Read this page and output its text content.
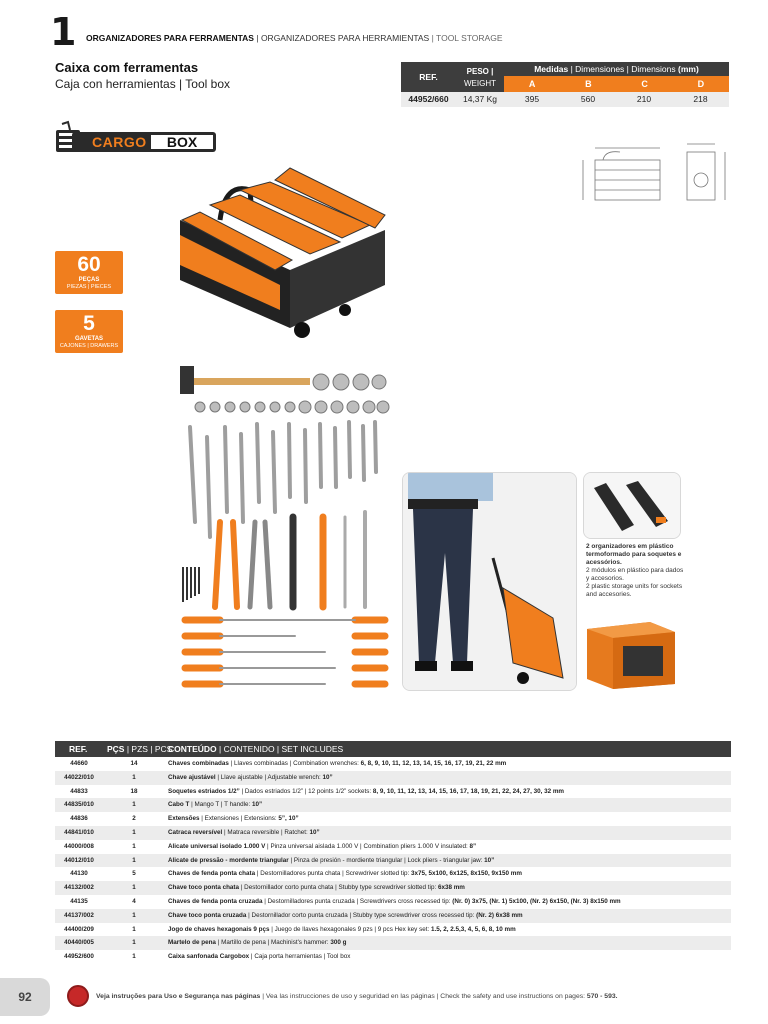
1 ORGANIZADORES PARA FERRAMENTAS | ORGANIZADORES PARA HERRAMIENTAS | TOOL STORAGE
Caixa com ferramentas
Caja con herramientas | Tool box	REF.
PESO |
WEIGHT
Medidas | Dimensiones | Dimensions (mm)
A	B	C	D
44952/660	14,37 Kg	395	560	210	218
CARGO	BOX
60
PEÇAS
PIEZAS | PIECES
5
GAVETAS
CAJONES | DRAWERS
2 organizadores em plástico termoformado para soquetes e acessórios.
2 módulos en plástico para dados y accesorios.
2 plastic storage units for sockets and accesories.
REF. PÇS | PZS | PCS
CONTEÚDO | CONTENIDO | SET INCLUDES
44660	14	Chaves combinadas | Llaves combinadas | Combination wrenches: 6, 8, 9, 10, 11, 12, 13, 14, 15, 16, 17, 19, 21, 22 mm
44022/010	1	Chave ajustável | Llave ajustable | Adjustable wrench: 10”
44833	18	Soquetes estriados 1/2” | Dados estriados 1/2” | 12 points 1/2” sockets: 8, 9, 10, 11, 12, 13, 14, 15, 16, 17, 18, 19, 21, 22, 24, 27, 30, 32 mm
44835/010	1	Cabo T | Mango T | T handle: 10”
44836	2	Extensões | Extensiones | Extensions: 5”, 10”
44841/010	1	Catraca reversível | Matraca reversible | Ratchet: 10”
44000/008	1	Alicate universal isolado 1.000 V | Pinza universal aislada 1.000 V | Combination pliers 1.000 V insulated: 8”
44012/010	1	Alicate de pressão - mordente triangular | Pinza de presión - mordiente triangular | Lock pliers - triangular jaw: 10”
44130	5	Chaves de fenda ponta chata | Destornilladores punta chata | Screwdriver slotted tip: 3x75, 5x100, 6x125, 8x150, 9x150 mm
44132/002	1	Chave toco ponta chata | Destornillador corto punta chata | Stubby type screwdriver slotted tip: 6x38 mm
44135	4	Chaves de fenda ponta cruzada | Destornilladores punta cruzada | Screwdrivers cross recessed tip: (Nr. 0) 3x75, (Nr. 1) 5x100, (Nr. 2) 6x150, (Nr. 3) 8x150 mm
44137/002	1	Chave toco ponta cruzada | Destornillador corto punta cruzada | Stubby type screwdriver cross recessed tip: (Nr. 2) 6x38 mm
44400/209	1	Jogo de chaves hexagonais 9 pçs | Juego de llaves hexagonales 9 pzs | 9 pcs Hex key set: 1.5, 2, 2.5,3, 4, 5, 6, 8, 10 mm
40440/005	1	Martelo de pena | Martillo de pena | Machinist's hammer: 300 g
44952/600	1	Caixa sanfonada Cargobox | Caja porta herramientas | Tool box
92	Veja instruções para Uso e Segurança nas páginas | Vea las instrucciones de uso y seguridad en las páginas | Check the safety and use instructions on pages: 570 - 593.
